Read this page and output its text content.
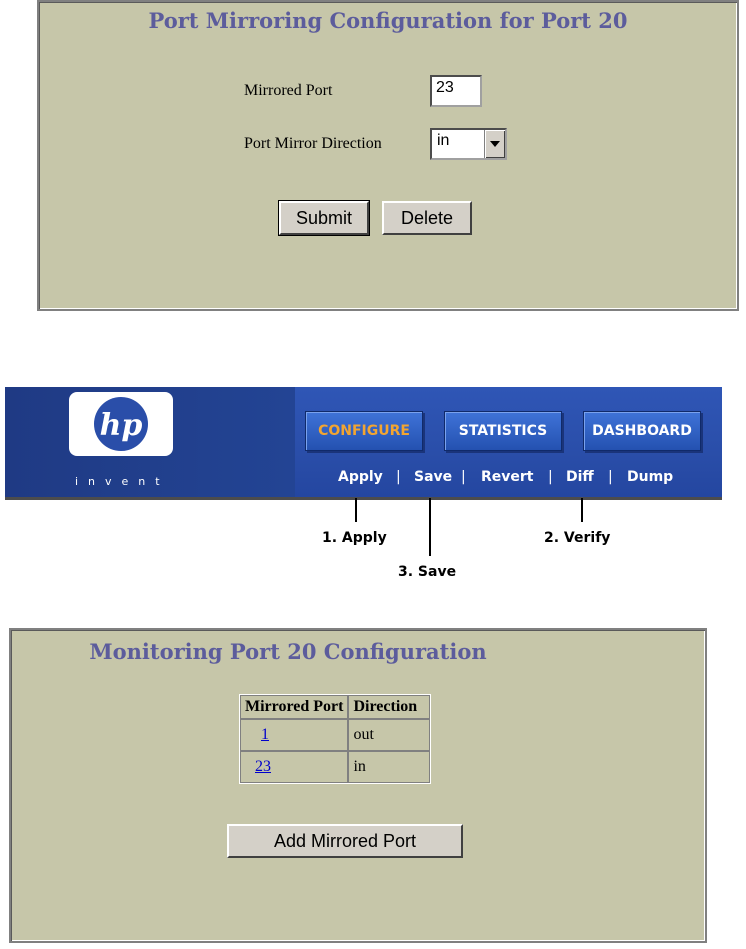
Port Mirroring Configuration for Port 20
Mirrored Port	23
Port Mirror Direction	in
Submit	Delete
hp
invent
CONFIGURE	STATISTICS	DASHBOARD
Apply | Save | Revert | Diff | Dump
1. Apply
3. Save
2. Verify
Monitoring Port 20 Configuration
Mirrored Port	Direction
1	out
23	in
Add Mirrored Port
